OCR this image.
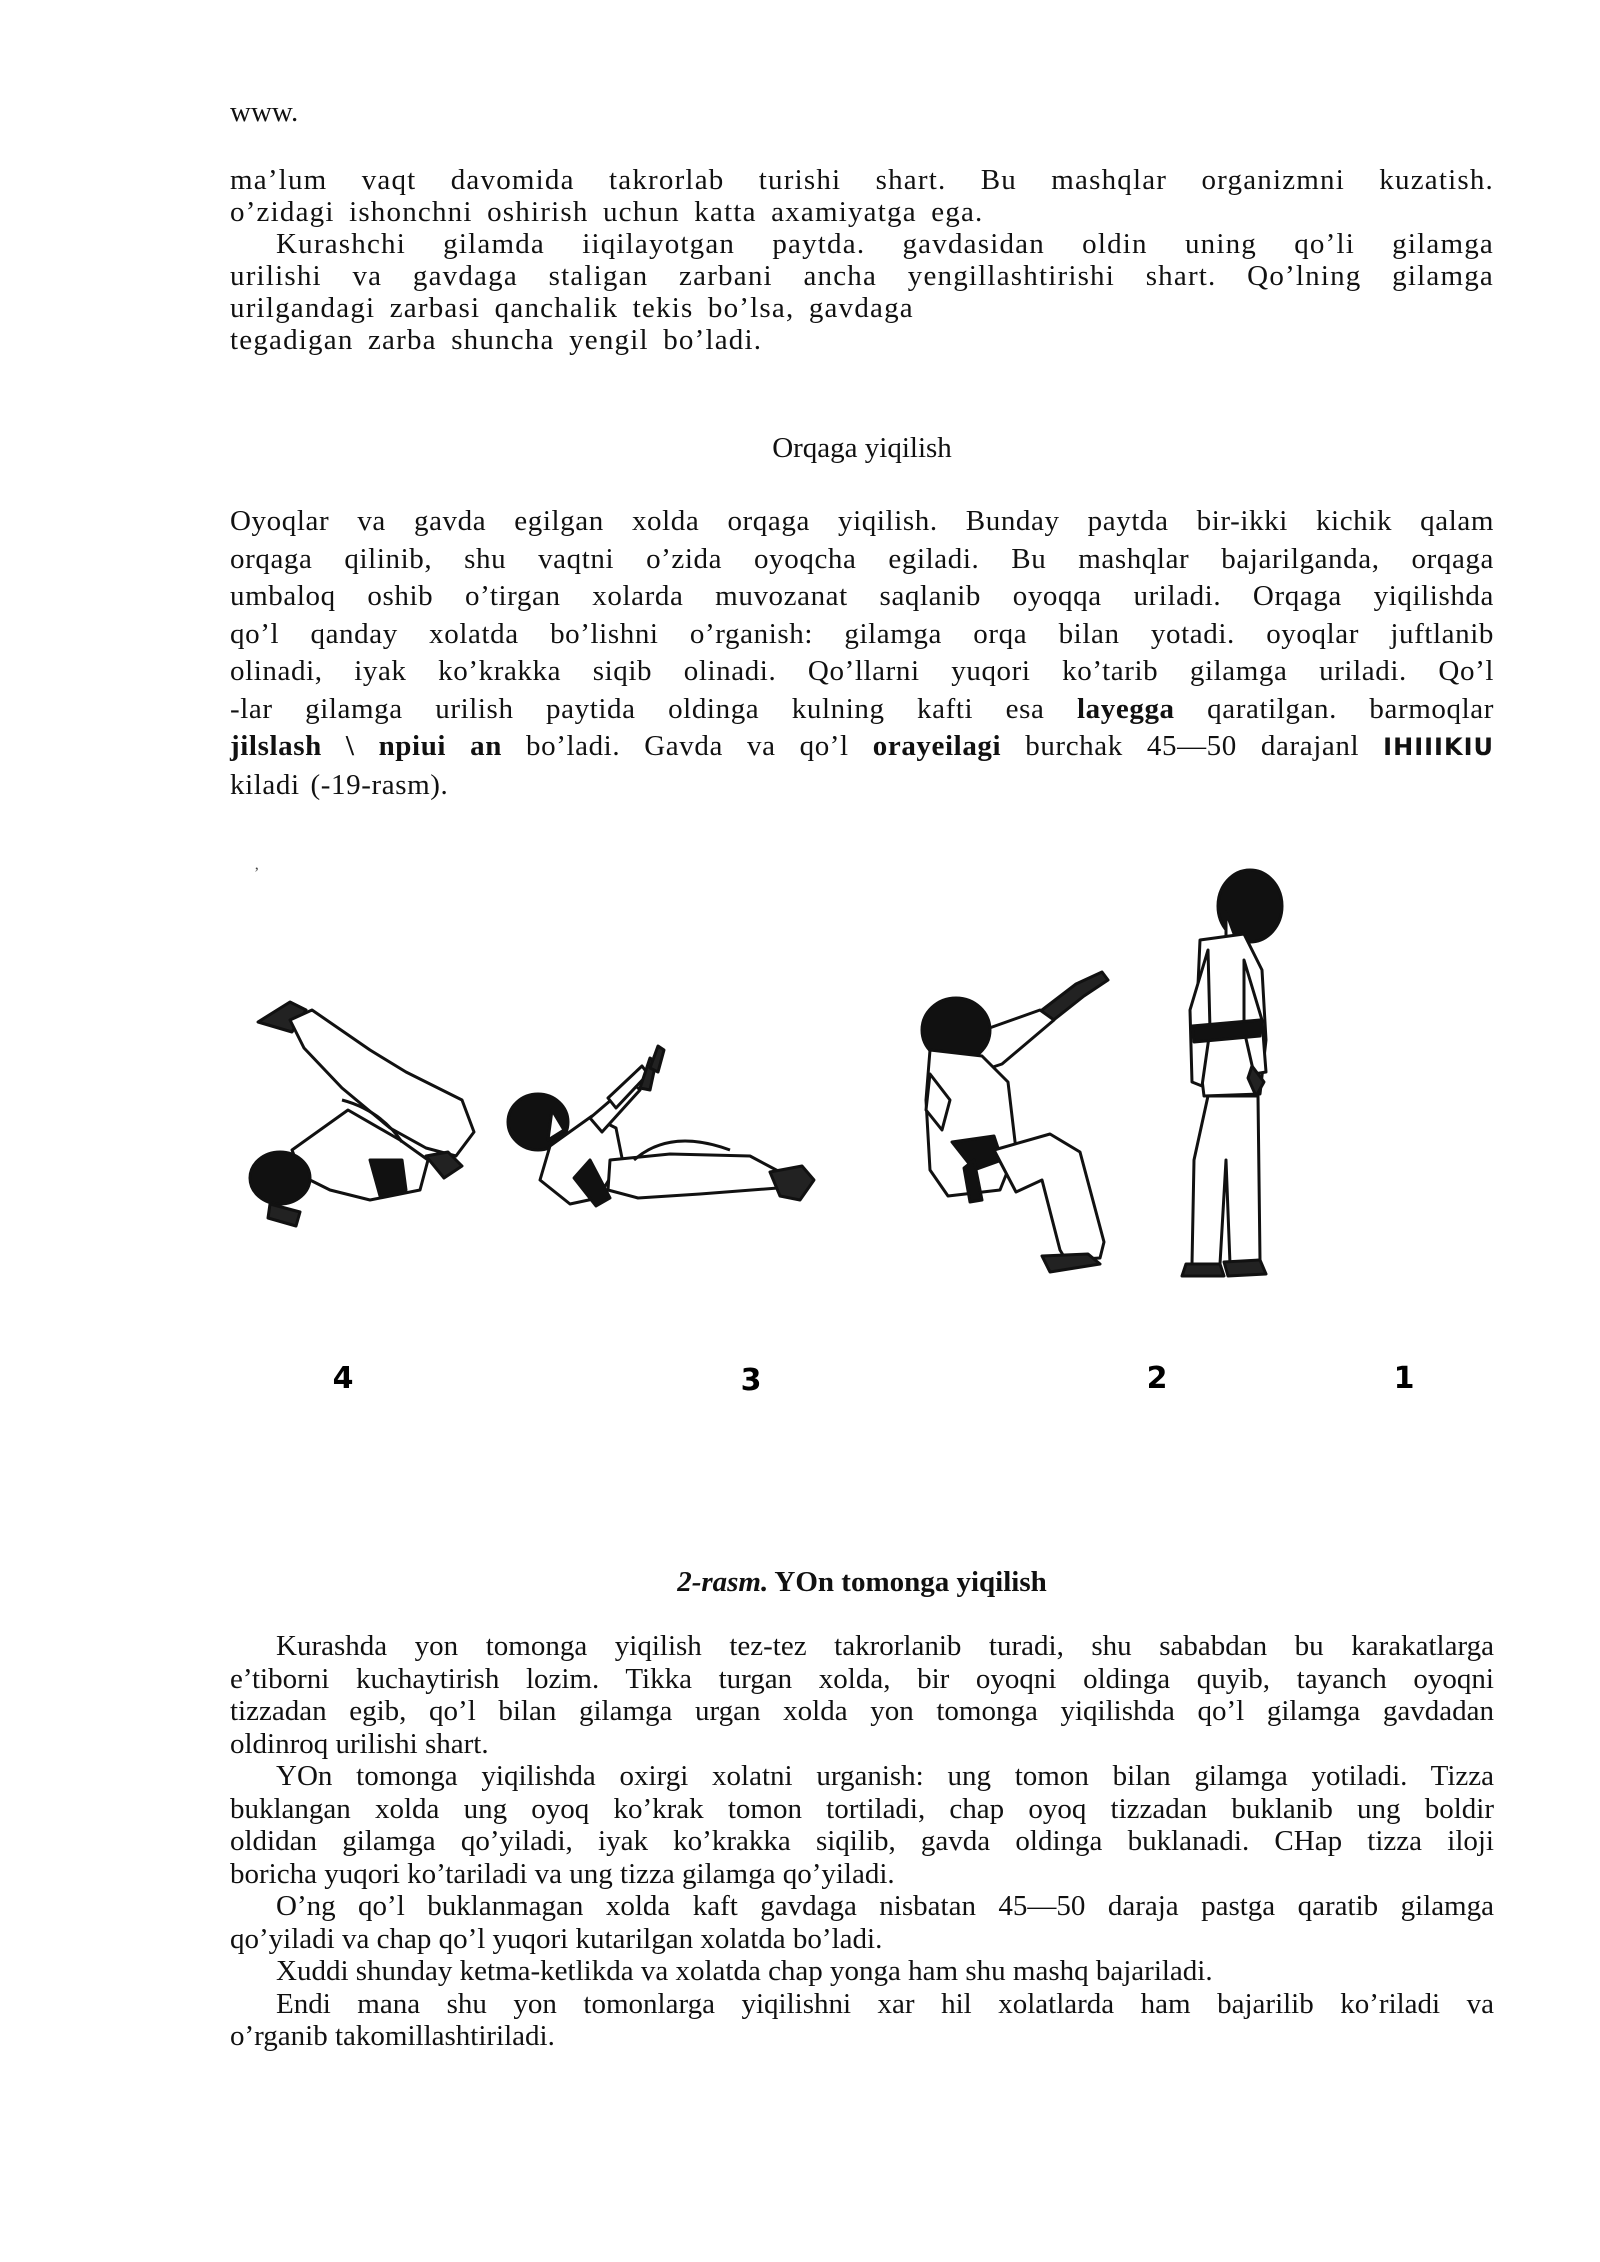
www.
ma’lum vaqt davomida takrorlab turishi shart. Bu mashqlar organizmni kuzatish.
o’zidagi ishonchni oshirish uchun katta axamiyatga ega.
Kurashchi gilamda iiqilayotgan paytda. gavdasidan oldin uning qo’li gilamga
urilishi va gavdaga staligan zarbani ancha yengillashtirishi shart. Qo’lning gilamga
urilgandagi zarbasi qanchalik tekis bo’lsa, gavdaga
tegadigan zarba shuncha yengil bo’ladi.
Orqaga yiqilish
Oyoqlar va gavda egilgan xolda orqaga yiqilish. Bunday paytda bir-ikki kichik qalam
orqaga qilinib, shu vaqtni o’zida oyoqcha egiladi. Bu mashqlar bajarilganda, orqaga
umbaloq oshib o’tirgan xolarda muvozanat saqlanib oyoqqa uriladi. Orqaga yiqilishda
qo’l qanday xolatda bo’lishni o’rganish: gilamga orqa bilan yotadi. oyoqlar juftlanib
olinadi, iyak ko’krakka siqib olinadi. Qo’llarni yuqori ko’tarib gilamga uriladi. Qo’l
-lar gilamga urilish paytida oldinga kulning kafti esa layegga qaratilgan. barmoqlar
jilslash \ npiui an bo’ladi. Gavda va qo’l orayeilagi burchak 45—50 darajanl IHIIIKIU
kiladi (-19-rasm).
’
4	3	2	1
2-rasm. YOn tomonga yiqilish
Kurashda yon tomonga yiqilish tez-tez takrorlanib turadi, shu sababdan bu karakatlarga
e’tiborni kuchaytirish lozim. Tikka turgan xolda, bir oyoqni oldinga quyib, tayanch oyoqni
tizzadan egib, qo’l bilan gilamga urgan xolda yon tomonga yiqilishda qo’l gilamga gavdadan
oldinroq urilishi shart.
YOn tomonga yiqilishda oxirgi xolatni urganish: ung tomon bilan gilamga yotiladi. Tizza
buklangan xolda ung oyoq ko’krak tomon tortiladi, chap oyoq tizzadan buklanib ung boldir
oldidan gilamga qo’yiladi, iyak ko’krakka siqilib, gavda oldinga buklanadi. CHap tizza iloji
boricha yuqori ko’tariladi va ung tizza gilamga qo’yiladi.
O’ng qo’l buklanmagan xolda kaft gavdaga nisbatan 45—50 daraja pastga qaratib gilamga
qo’yiladi va chap qo’l yuqori kutarilgan xolatda bo’ladi.
Xuddi shunday ketma-ketlikda va xolatda chap yonga ham shu mashq bajariladi.
Endi mana shu yon tomonlarga yiqilishni xar hil xolatlarda ham bajarilib ko’riladi va
o’rganib takomillashtiriladi.
